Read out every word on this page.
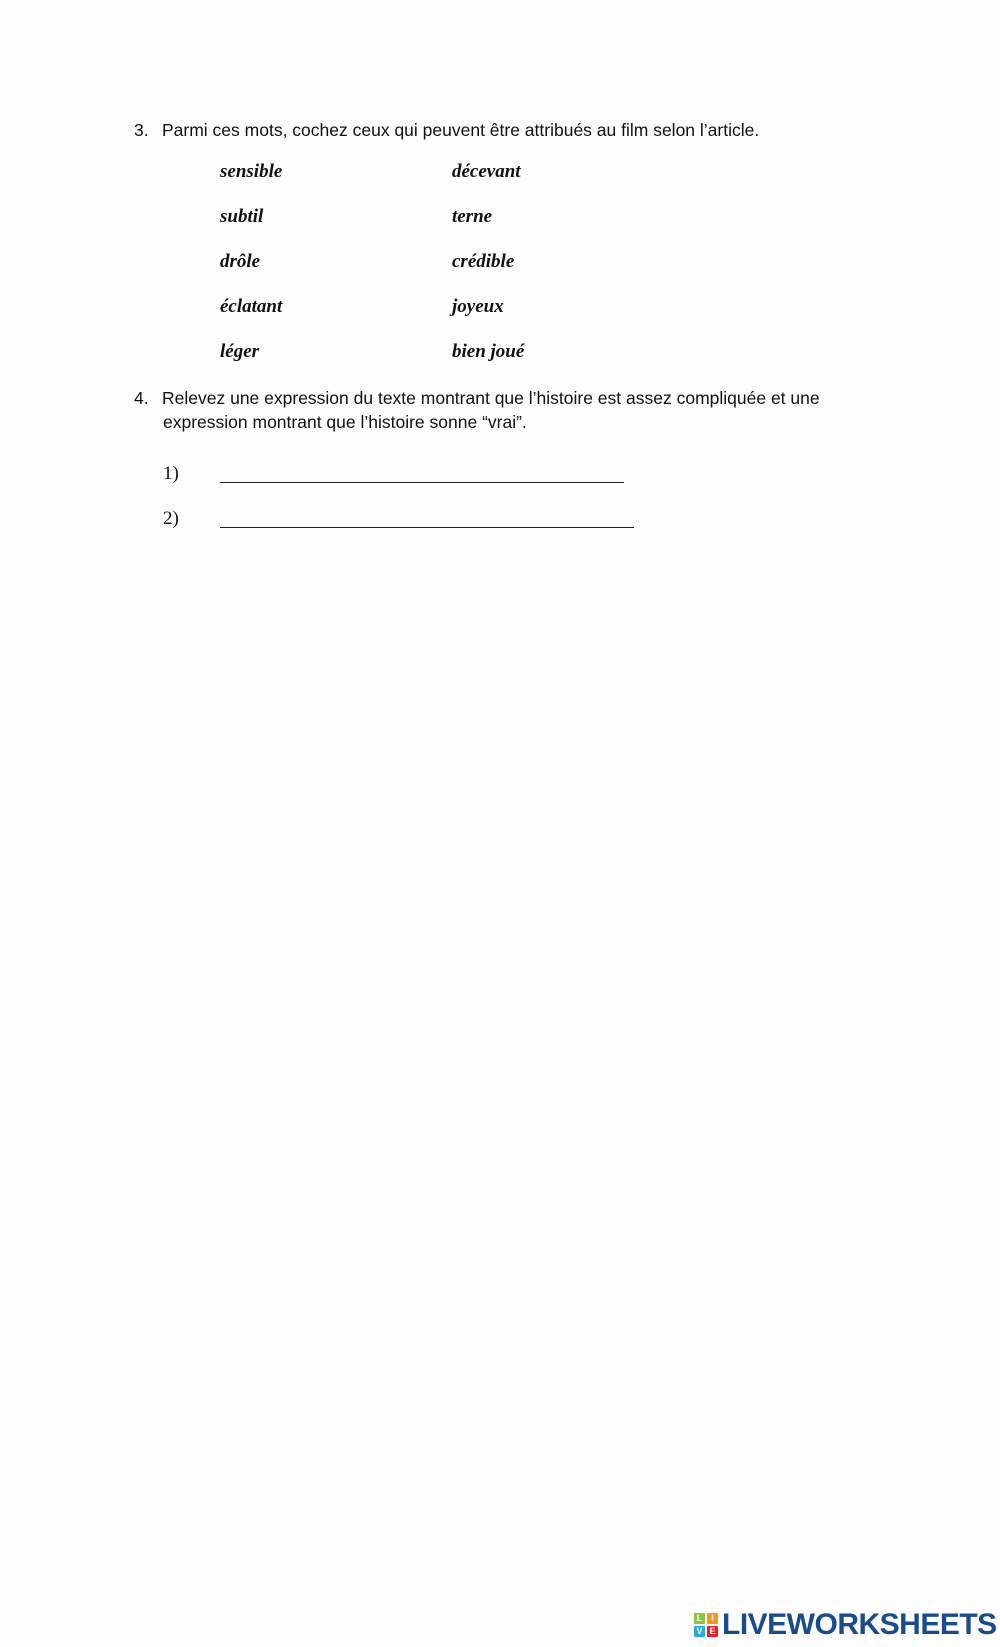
3. Parmi ces mots, cochez ceux qui peuvent être attribués au film selon l’article.
sensible	décevant
subtil	terne
drôle	crédible
éclatant	joyeux
léger	bien joué
4. Relevez une expression du texte montrant que l’histoire est assez compliquée et une
expression montrant que l’histoire sonne “vrai”.
1)
2)
L I
V E LIVEWORKSHEETS
